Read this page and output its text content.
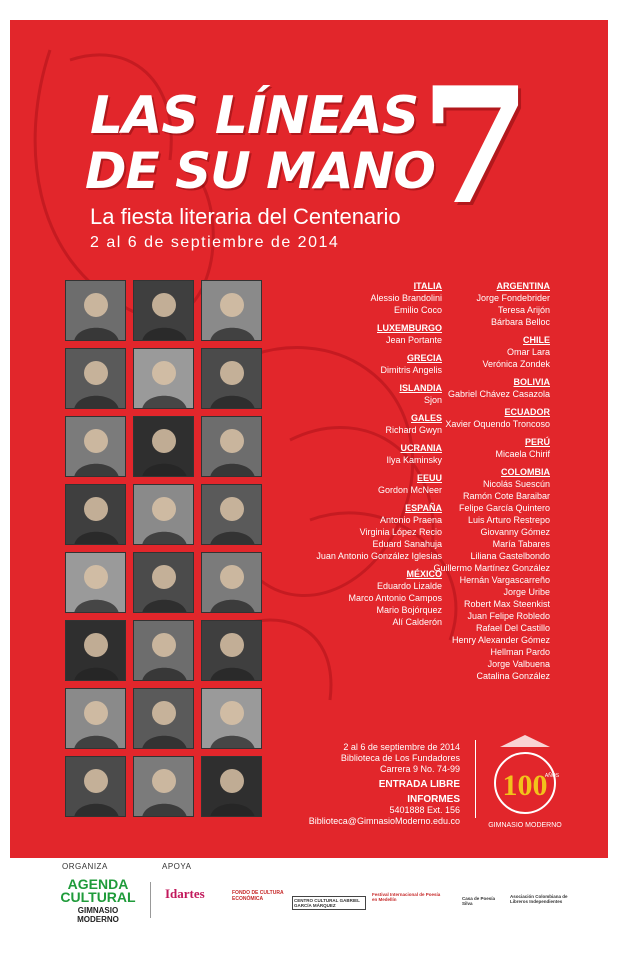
LAS LÍNEAS
DE SU MANO
7
La fiesta literaria del Centenario
2 al 6 de septiembre de 2014
ITALIA
Alessio Brandolini
Emilio Coco
LUXEMBURGO
Jean Portante
GRECIA
Dimitris Angelis
ISLANDIA
Sjon
GALES
Richard Gwyn
UCRANIA
Ilya Kaminsky
EEUU
Gordon McNeer
ESPAÑA
Antonio Praena
Virginia López Recio
Eduard Sanahuja
Juan Antonio González Iglesias
MÉXICO
Eduardo Lizalde
Marco Antonio Campos
Mario Bojórquez
Alí Calderón
ARGENTINA
Jorge Fondebrider
Teresa Arijón
Bárbara Belloc
CHILE
Omar Lara
Verónica Zondek
BOLIVIA
Gabriel Chávez Casazola
ECUADOR
Xavier Oquendo Troncoso
PERÚ
Micaela Chirif
COLOMBIA
Nicolás Suescún
Ramón Cote Baraibar
Felipe García Quintero
Luis Arturo Restrepo
Giovanny Gómez
María Tabares
Liliana Gastelbondo
Guillermo Martínez González
Hernán Vargascarreño
Jorge Uribe
Robert Max Steenkist
Juan Felipe Robledo
Rafael Del Castillo
Henry Alexander Gómez
Hellman Pardo
Jorge Valbuena
Catalina González
2 al 6 de septiembre de 2014
Biblioteca de Los Fundadores
Carrera 9 No. 74-99
ENTRADA LIBRE
INFORMES
5401888 Ext. 156
Biblioteca@GimnasioModerno.edu.co
100
AÑOS
GIMNASIO MODERNO
ORGANIZA	APOYA
AGENDA
CULTURAL
GIMNASIO MODERNO
Idartes	FONDO DE CULTURA ECONÓMICA	CENTRO CULTURAL GABRIEL GARCÍA MÁRQUEZ
Festival Internacional de Poesía en Medellín	Casa de Poesía Silva
Asociación Colombiana de Libreros Independientes
